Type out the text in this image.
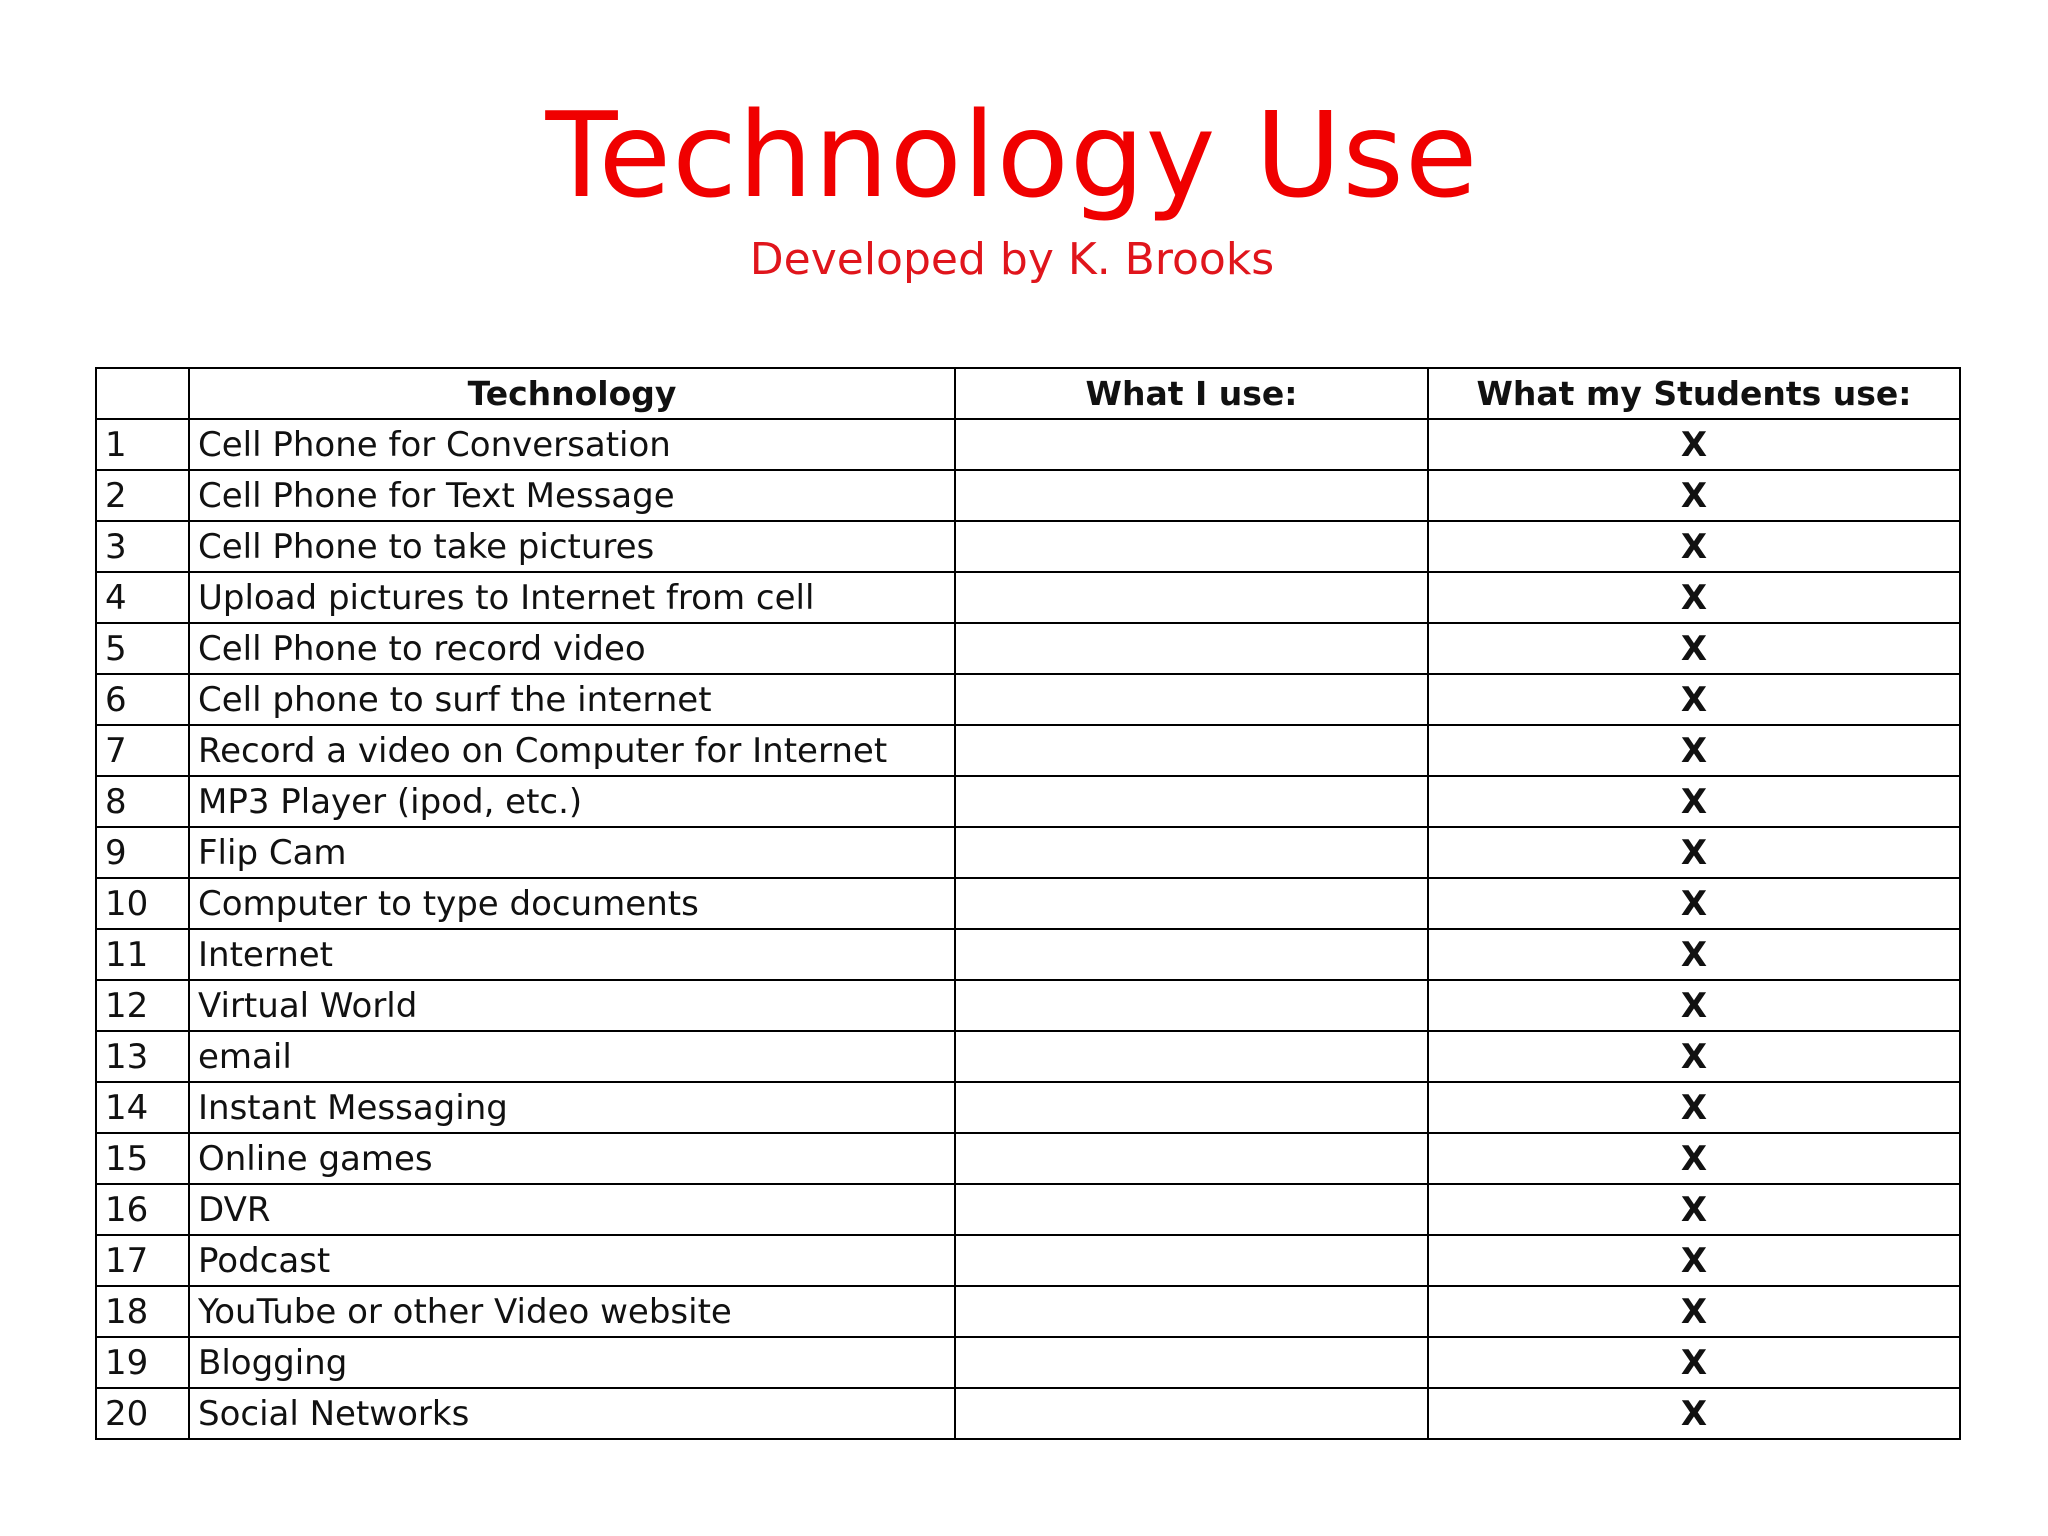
Technology Use
Developed by K. Brooks
	Technology	What I use:	What my Students use:
1	Cell Phone for Conversation		X
2	Cell Phone for Text Message		X
3	Cell Phone to take pictures		X
4	Upload pictures to Internet from cell		X
5	Cell Phone to record video		X
6	Cell phone to surf the internet		X
7	Record a video on Computer for Internet		X
8	MP3 Player (ipod, etc.)		X
9	Flip Cam		X
10	Computer to type documents		X
11	Internet		X
12	Virtual World		X
13	email		X
14	Instant Messaging		X
15	Online games		X
16	DVR		X
17	Podcast		X
18	YouTube or other Video website		X
19	Blogging		X
20	Social Networks		X
